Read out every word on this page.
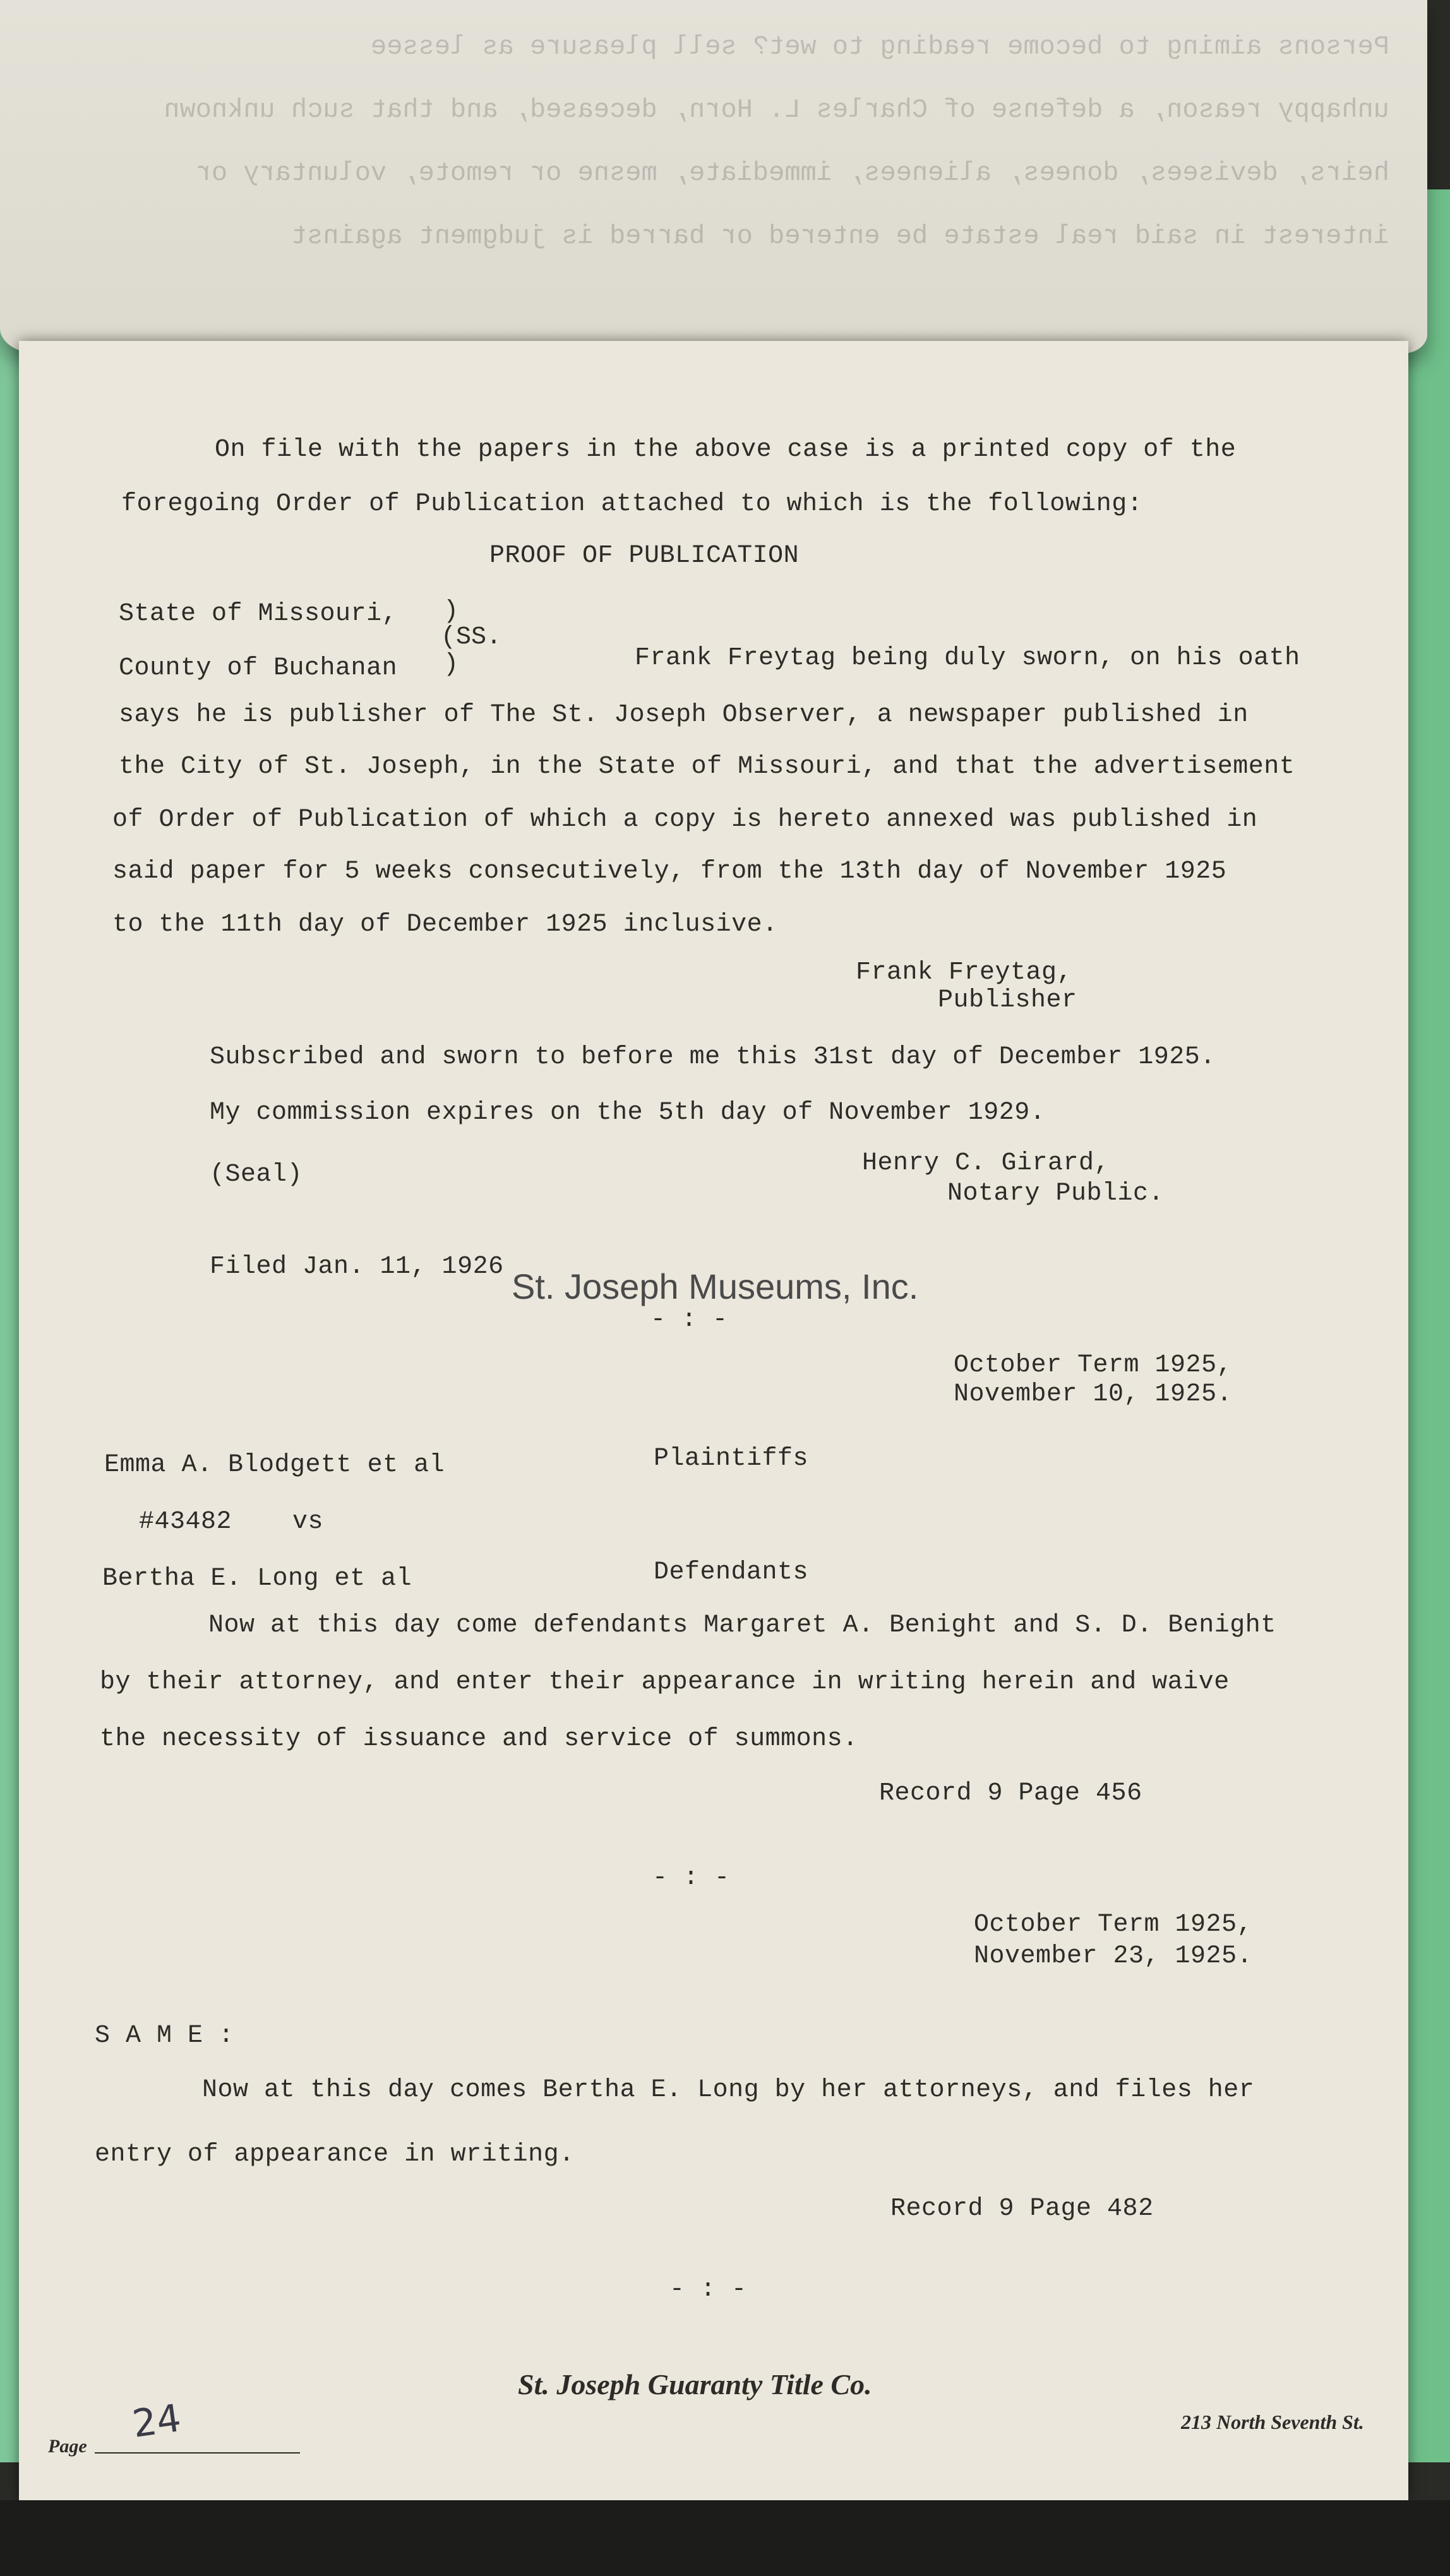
Persons aiming to become reading to wet? sell pleasure as lessee
unhappy reason, a defense of Charles L. Horn, deceased, and that such unknown
heirs, devisees, donees, alienees, immediate, mesne or remote, voluntary or
interest in said real estate be entered or barred is judgment against
On file with the papers in the above case is a printed copy of the
foregoing Order of Publication attached to which is the following:
PROOF OF PUBLICATION
State of Missouri, )
(SS.
County of Buchanan )	Frank Freytag being duly sworn, on his oath
says he is publisher of The St. Joseph Observer, a newspaper published in
the City of St. Joseph, in the State of Missouri, and that the advertisement
of Order of Publication of which a copy is hereto annexed was published in
said paper for 5 weeks consecutively, from the 13th day of November 1925
to the 11th day of December 1925 inclusive.
Frank Freytag,
Publisher
Subscribed and sworn to before me this 31st day of December 1925.
My commission expires on the 5th day of November 1929.
(Seal)	Henry C. Girard,
Notary Public.
Filed Jan. 11, 1926
- : -
October Term 1925,
November 10, 1925.
Emma A. Blodgett et al	Plaintiffs
#43482 vs
Bertha E. Long et al	Defendants
Now at this day come defendants Margaret A. Benight and S. D. Benight
by their attorney, and enter their appearance in writing herein and waive
the necessity of issuance and service of summons.
Record 9 Page 456
- : -
October Term 1925,
November 23, 1925.
S A M E :
Now at this day comes Bertha E. Long by her attorneys, and files her
entry of appearance in writing.
Record 9 Page 482
- : -
St. Joseph Museums, Inc.
St. Joseph Guaranty Title Co.
213 North Seventh St.
Page 24
